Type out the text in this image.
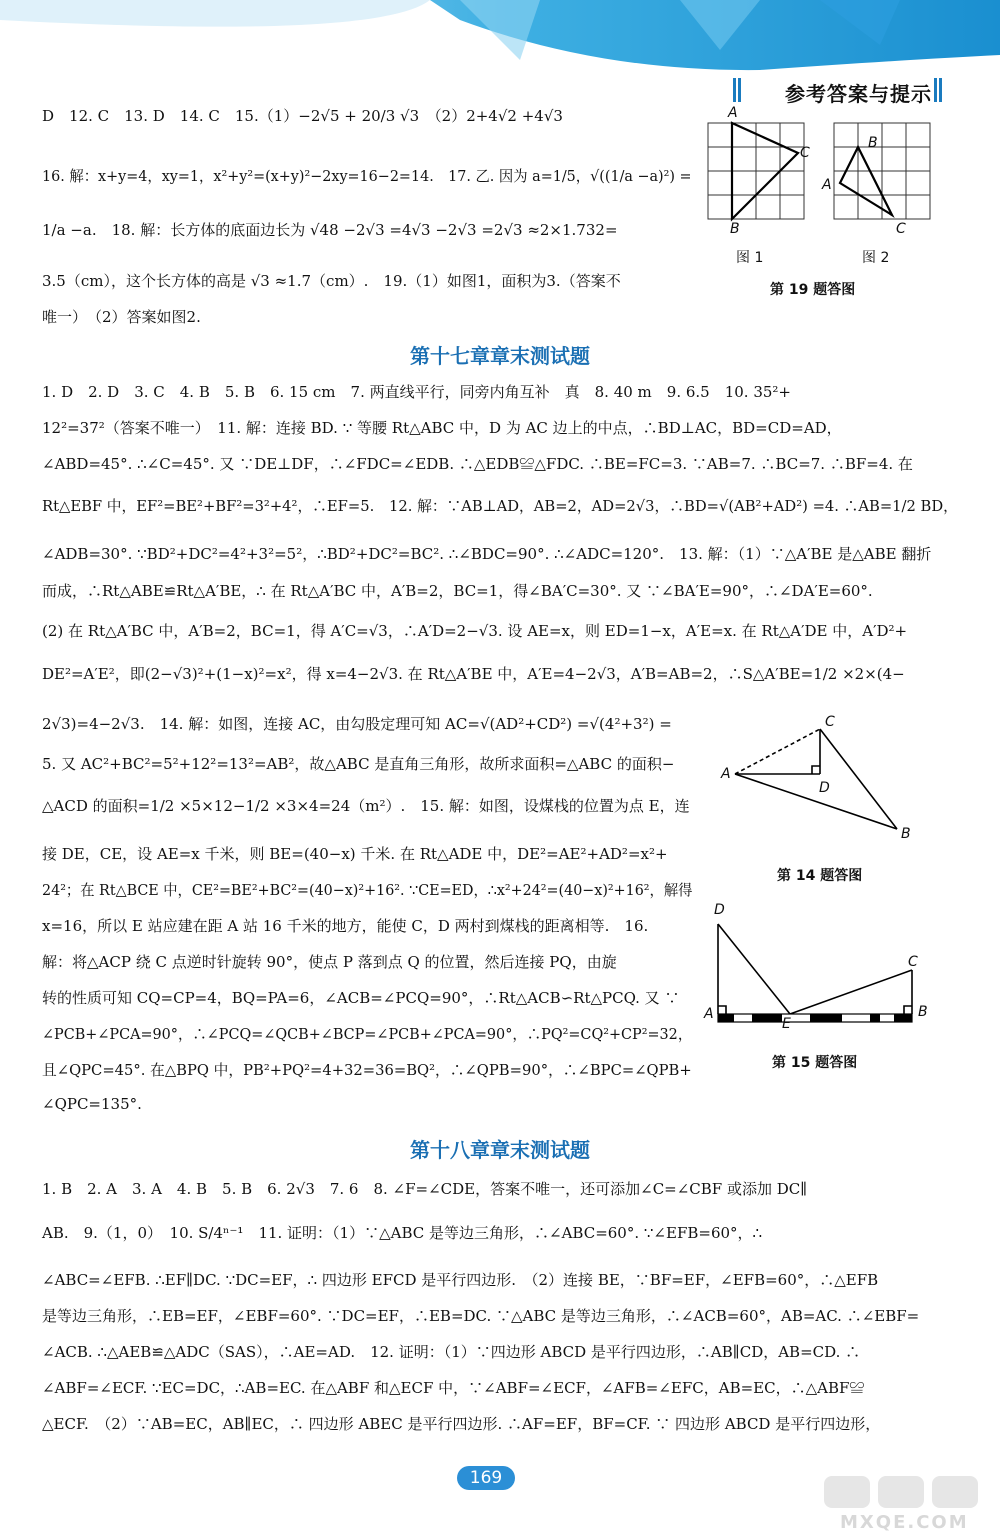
参考答案与提示
D　12. C　13. D　14. C　15.（1）−2√5 + 20/3 √3　（2）2+4√2 +4√3
16. 解：x+y=4，xy=1，x²+y²=(x+y)²−2xy=16−2=14.　17. 乙. 因为 a=1/5，√((1/a −a)²) =
1/a −a.　18. 解：长方体的底面边长为 √48 −2√3 =4√3 −2√3 =2√3 ≈2×1.732=
3.5（cm），这个长方体的高是 √3 ≈1.7（cm）.　19.（1）如图1，面积为3.（答案不
唯一）　（2）答案如图2.
A
C
B
B
A
C
图 1	图 2
第 19 题答图
第十七章章末测试题
1. D　2. D　3. C　4. B　5. B　6. 15 cm　7. 两直线平行，同旁内角互补　真　8. 40 m　9. 6.5　10. 35²+
12²=37²（答案不唯一）　11. 解：连接 BD. ∵ 等腰 Rt△ABC 中，D 为 AC 边上的中点，∴BD⊥AC，BD=CD=AD，
∠ABD=45°. ∴∠C=45°. 又 ∵DE⊥DF，∴∠FDC=∠EDB. ∴△EDB≌△FDC. ∴BE=FC=3. ∵AB=7. ∴BC=7. ∴BF=4. 在
Rt△EBF 中，EF²=BE²+BF²=3²+4²，∴EF=5.　12. 解：∵AB⊥AD，AB=2，AD=2√3，∴BD=√(AB²+AD²) =4. ∴AB=1/2 BD，
∠ADB=30°. ∵BD²+DC²=4²+3²=5²，∴BD²+DC²=BC². ∴∠BDC=90°. ∴∠ADC=120°.　13. 解：（1）∵△A′BE 是△ABE 翻折
而成，∴Rt△ABE≌Rt△A′BE，∴ 在 Rt△A′BC 中，A′B=2，BC=1，得∠BA′C=30°. 又 ∵∠BA′E=90°，∴∠DA′E=60°.
(2) 在 Rt△A′BC 中，A′B=2，BC=1，得 A′C=√3，∴A′D=2−√3. 设 AE=x，则 ED=1−x，A′E=x. 在 Rt△A′DE 中，A′D²+
DE²=A′E²，即(2−√3)²+(1−x)²=x²，得 x=4−2√3. 在 Rt△A′BE 中，A′E=4−2√3，A′B=AB=2，∴S△A′BE=1/2 ×2×(4−
2√3)=4−2√3.　14. 解：如图，连接 AC，由勾股定理可知 AC=√(AD²+CD²) =√(4²+3²) =
5. 又 AC²+BC²=5²+12²=13²=AB²，故△ABC 是直角三角形，故所求面积=△ABC 的面积−
△ACD 的面积=1/2 ×5×12−1/2 ×3×4=24（m²）.　15. 解：如图，设煤栈的位置为点 E，连
接 DE，CE，设 AE=x 千米，则 BE=(40−x) 千米. 在 Rt△ADE 中，DE²=AE²+AD²=x²+
24²；在 Rt△BCE 中，CE²=BE²+BC²=(40−x)²+16². ∵CE=ED，∴x²+24²=(40−x)²+16²，解得
x=16，所以 E 站应建在距 A 站 16 千米的地方，能使 C，D 两村到煤栈的距离相等.　16.
解：将△ACP 绕 C 点逆时针旋转 90°，使点 P 落到点 Q 的位置，然后连接 PQ，由旋
转的性质可知 CQ=CP=4，BQ=PA=6，∠ACB=∠PCQ=90°，∴Rt△ACB∽Rt△PCQ. 又 ∵
∠PCB+∠PCA=90°，∴∠PCQ=∠QCB+∠BCP=∠PCB+∠PCA=90°，∴PQ²=CQ²+CP²=32，
且∠QPC=45°. 在△BPQ 中，PB²+PQ²=4+32=36=BQ²，∴∠QPB=90°，∴∠BPC=∠QPB+
∠QPC=135°.
A
C
D
B
第 14 题答图
D
A
E
C
B
第 15 题答图
第十八章章末测试题
1. B　2. A　3. A　4. B　5. B　6. 2√3　7. 6　8. ∠F=∠CDE，答案不唯一，还可添加∠C=∠CBF 或添加 DC∥
AB.　9.（1，0）　10. S/4ⁿ⁻¹　11. 证明：（1）∵△ABC 是等边三角形，∴∠ABC=60°. ∵∠EFB=60°，∴
∠ABC=∠EFB. ∴EF∥DC. ∵DC=EF，∴ 四边形 EFCD 是平行四边形.　（2）连接 BE，∵BF=EF，∠EFB=60°，∴△EFB
是等边三角形，∴EB=EF，∠EBF=60°. ∵DC=EF，∴EB=DC. ∵△ABC 是等边三角形，∴∠ACB=60°，AB=AC. ∴∠EBF=
∠ACB. ∴△AEB≌△ADC（SAS），∴AE=AD.　12. 证明：（1）∵四边形 ABCD 是平行四边形，∴AB∥CD，AB=CD. ∴
∠ABF=∠ECF. ∵EC=DC，∴AB=EC. 在△ABF 和△ECF 中，∵∠ABF=∠ECF，∠AFB=∠EFC，AB=EC，∴△ABF≌
△ECF.　（2）∵AB=EC，AB∥EC，∴ 四边形 ABEC 是平行四边形. ∴AF=EF，BF=CF. ∵ 四边形 ABCD 是平行四边形，
169
MXQE.COM
